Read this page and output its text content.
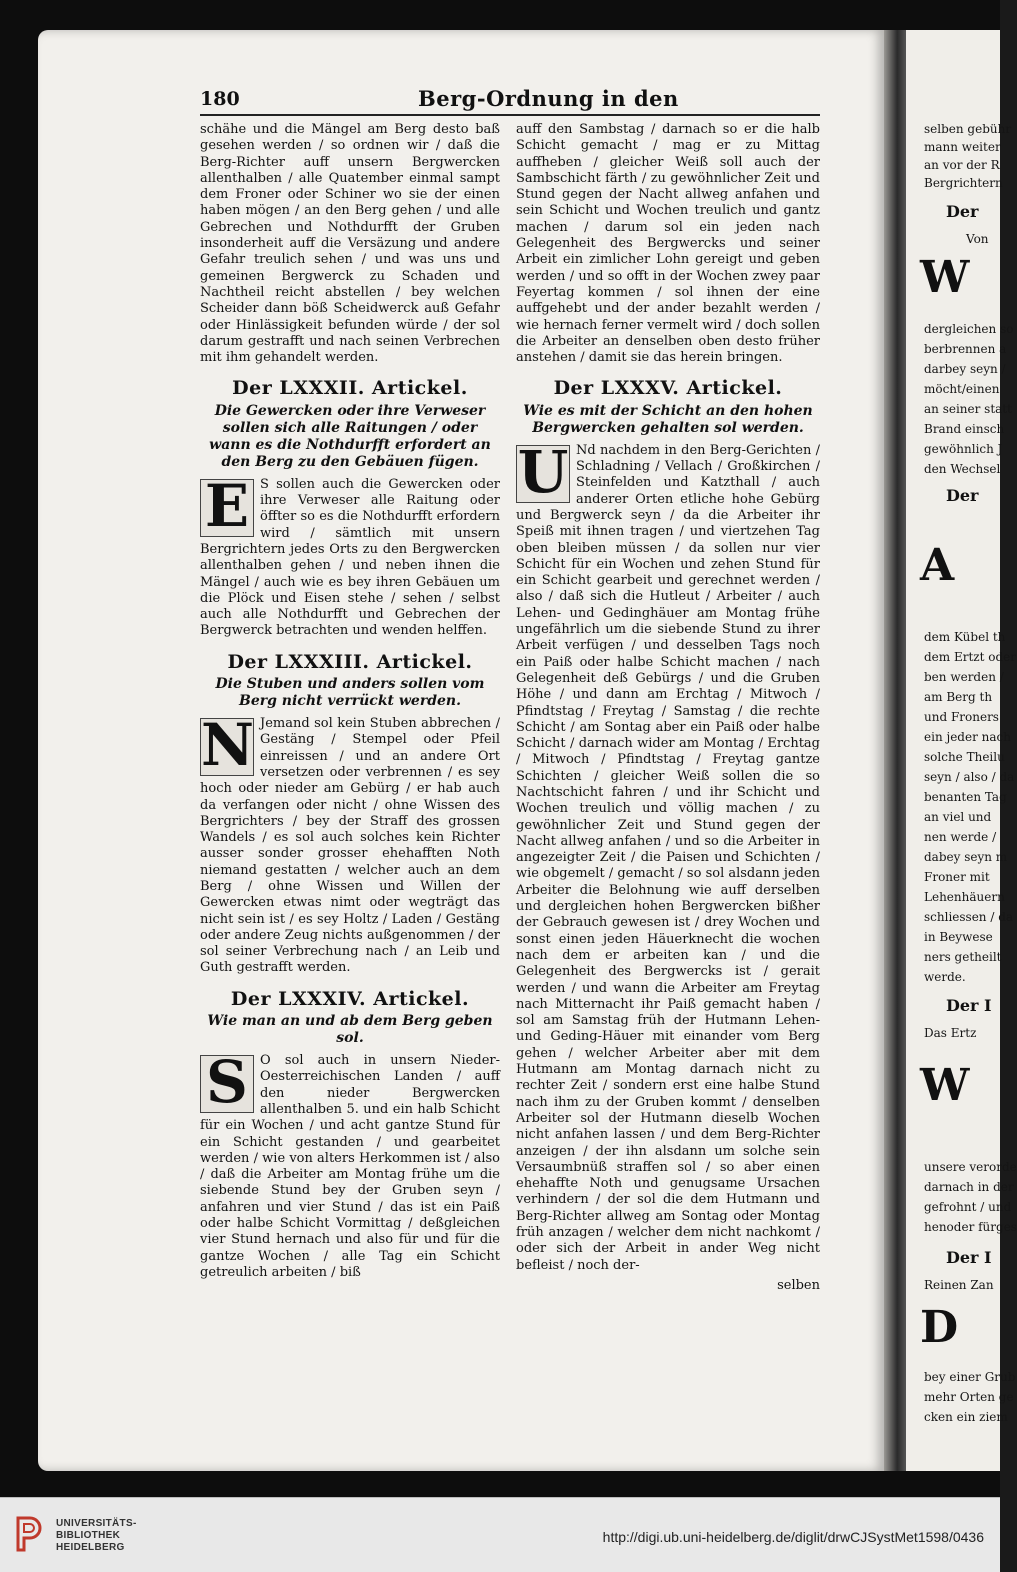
selben gebühr
mann weiter
an vor der R
Bergrichtern
Der
Von
W
dergleichen so
berbrennen a
darbey seyn /
möcht/einen
an seiner statt
Brand einsch
gewöhnlich J
den Wechsel
Der
A
dem Kübel th
dem Ertzt oder
ben werden /
am Berg th
und Froners
ein jeder nach
solche Theilu
seyn / also / da
benanten Tag
an viel und
nen werde /
dabey seyn m
Froner mit
Lehenhäuern
schliessen / da
in Beywese
ners getheilt
werde.
Der I
Das Ertz
W
unsere verorde
darnach in der
gefrohnt / und
henoder fürges
Der I
Reinen Zan
D
bey einer Grub
mehr Orten ge
cken ein ziem
180	Berg-Ordnung in den

schähe und die Mängel am Berg desto baß gesehen werden / so ordnen wir / daß die Berg-Richter auff unsern Bergwercken allenthalben / alle Quatember einmal sampt dem Froner oder Schiner wo sie der einen haben mögen / an den Berg gehen / und alle Gebrechen und Nothdurfft der Gruben insonderheit auff die Versäzung und andere Gefahr treulich sehen / und was uns und gemeinen Bergwerck zu Schaden und Nachtheil reicht abstellen / bey welchen Scheider dann böß Scheidwerck auß Gefahr oder Hinlässigkeit befunden würde / der sol darum gestrafft und nach seinen Verbrechen mit ihm gehandelt werden.

Der LXXXII. Artickel.
Die Gewercken oder ihre Verweser sollen sich alle Raitungen / oder wann es die Nothdurfft erfordert an den Berg zu den Gebäuen fügen.

E S sollen auch die Gewercken oder ihre Verweser alle Raitung oder öffter so es die Nothdurfft erfordern wird / sämtlich mit unsern Bergrichtern jedes Orts zu den Bergwercken allenthalben gehen / und neben ihnen die Mängel / auch wie es bey ihren Gebäuen um die Plöck und Eisen stehe / sehen / selbst auch alle Nothdurfft und Gebrechen der Bergwerck betrachten und wenden helffen.

Der LXXXIII. Artickel.
Die Stuben und anders sollen vom Berg nicht verrückt werden.

N Jemand sol kein Stuben abbrechen / Gestäng / Stempel oder Pfeil einreissen / und an andere Ort versetzen oder verbrennen / es sey hoch oder nieder am Gebürg / er hab auch da verfangen oder nicht / ohne Wissen des Bergrichters / bey der Straff des grossen Wandels / es sol auch solches kein Richter ausser sonder grosser ehehafften Noth niemand gestatten / welcher auch an dem Berg / ohne Wissen und Willen der Gewercken etwas nimt oder wegträgt das nicht sein ist / es sey Holtz / Laden / Gestäng oder andere Zeug nichts außgenommen / der sol seiner Verbrechung nach / an Leib und Guth gestrafft werden.

Der LXXXIV. Artickel.
Wie man an und ab dem Berg geben sol.

S O sol auch in unsern Nieder-Oesterreichischen Landen / auff den nieder Bergwercken allenthalben 5. und ein halb Schicht für ein Wochen / und acht gantze Stund für ein Schicht gestanden / und gearbeitet werden / wie von alters Herkommen ist / also / daß die Arbeiter am Montag frühe um die siebende Stund bey der Gruben seyn / anfahren und vier Stund / das ist ein Paiß oder halbe Schicht Vormittag / deßgleichen vier Stund hernach und also für und für die gantze Wochen / alle Tag ein Schicht getreulich arbeiten / biß

auff den Sambstag / darnach so er die halb Schicht gemacht / mag er zu Mittag auffheben / gleicher Weiß soll auch der Sambschicht färth / zu gewöhnlicher Zeit und Stund gegen der Nacht allweg anfahen und sein Schicht und Wochen treulich und gantz machen / darum sol ein jeden nach Gelegenheit des Bergwercks und seiner Arbeit ein zimlicher Lohn gereigt und geben werden / und so offt in der Wochen zwey paar Feyertag kommen / sol ihnen der eine auffgehebt und der ander bezahlt werden / wie hernach ferner vermelt wird / doch sollen die Arbeiter an denselben oben desto früher anstehen / damit sie das herein bringen.

Der LXXXV. Artickel.
Wie es mit der Schicht an den hohen Bergwercken gehalten sol werden.

U Nd nachdem in den Berg-Gerichten / Schladning / Vellach / Großkirchen / Steinfelden und Katzthall / auch anderer Orten etliche hohe Gebürg und Bergwerck seyn / da die Arbeiter ihr Speiß mit ihnen tragen / und viertzehen Tag oben bleiben müssen / da sollen nur vier Schicht für ein Wochen und zehen Stund für ein Schicht gearbeit und gerechnet werden / also / daß sich die Hutleut / Arbeiter / auch Lehen- und Gedinghäuer am Montag frühe ungefährlich um die siebende Stund zu ihrer Arbeit verfügen / und desselben Tags noch ein Paiß oder halbe Schicht machen / nach Gelegenheit deß Gebürgs / und die Gruben Höhe / und dann am Erchtag / Mitwoch / Pfindtstag / Freytag / Samstag / die rechte Schicht / am Sontag aber ein Paiß oder halbe Schicht / darnach wider am Montag / Erchtag / Mitwoch / Pfindtstag / Freytag gantze Schichten / gleicher Weiß sollen die so Nachtschicht fahren / und ihr Schicht und Wochen treulich und völlig machen / zu gewöhnlicher Zeit und Stund gegen der Nacht allweg anfahen / und so die Arbeiter in angezeigter Zeit / die Paisen und Schichten / wie obgemelt / gemacht / so sol alsdann jeden Arbeiter die Belohnung wie auff derselben und dergleichen hohen Bergwercken bißher der Gebrauch gewesen ist / drey Wochen und sonst einen jeden Häuerknecht die wochen nach dem er arbeiten kan / und die Gelegenheit des Bergwercks ist / gerait werden / und wann die Arbeiter am Freytag nach Mitternacht ihr Paiß gemacht haben / sol am Samstag früh der Hutmann Lehen- und Geding-Häuer mit einander vom Berg gehen / welcher Arbeiter aber mit dem Hutmann am Montag darnach nicht zu rechter Zeit / sondern erst eine halbe Stund nach ihm zu der Gruben kommt / denselben Arbeiter sol der Hutmann dieselb Wochen nicht anfahen lassen / und dem Berg-Richter anzeigen / der ihn alsdann um solche sein Versaumbnüß straffen sol / so aber einen ehehaffte Noth und genugsame Ursachen verhindern / der sol die dem Hutmann und Berg-Richter allweg am Sontag oder Montag früh anzagen / welcher dem nicht nachkomt / oder sich der Arbeit in ander Weg nicht befleist / noch der-

selben
UNIVERSITÄTS-
BIBLIOTHEK
HEIDELBERG
http://digi.ub.uni-heidelberg.de/diglit/drwCJSystMet1598/0436
